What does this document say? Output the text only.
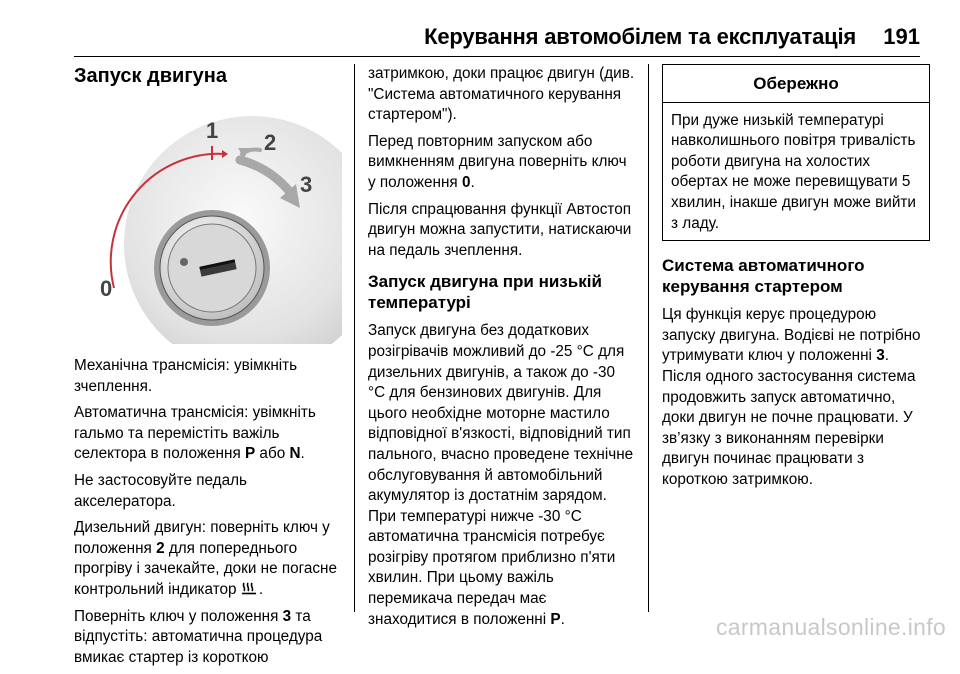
Керування автомобілем та експлуатація 191
Запуск двигуна
0
1 2
3

Механічна трансмісія: увімкніть зчеплення.

Автоматична трансмісія: увімкніть гальмо та перемістіть важіль селектора в положення P або N.

Не застосовуйте педаль акселератора.

Дизельний двигун: поверніть ключ у положення 2 для попереднього прогріву і зачекайте, доки не погасне контрольний індикатор .

Поверніть ключ у положення 3 та відпустіть: автоматична процедура вмикає стартер із короткою

затримкою, доки працює двигун (див. "Система автоматичного керування стартером").

Перед повторним запуском або вимкненням двигуна поверніть ключ у положення 0.

Після спрацювання функції Автостоп двигун можна запустити, натискаючи на педаль зчеплення.

Запуск двигуна при низькій температурі

Запуск двигуна без додаткових розігрівачів можливий до -25 °C для дизельних двигунів, а також до -30 °C для бензинових двигунів. Для цього необхідне моторне мастило відповідної в'язкості, відповідний тип пального, вчасно проведене технічне обслуговування й автомобільний акумулятор із достатнім зарядом. При температурі нижче -30 °C автоматична трансмісія потребує розігріву протягом приблизно п'яти хвилин. При цьому важіль перемикача передач має знаходитися в положенні P.

Обережно
При дуже низькій температурі навколишнього повітря тривалість роботи двигуна на холостих обертах не може перевищувати 5 хвилин, інакше двигун може вийти з ладу.
Система автоматичного керування стартером

Ця функція керує процедурою запуску двигуна. Водієві не потрібно утримувати ключ у положенні 3. Після одного застосування система продовжить запуск автоматично, доки двигун не почне працювати. У зв’язку з виконанням перевірки двигун починає працювати з короткою затримкою.

carmanualsonline.info
